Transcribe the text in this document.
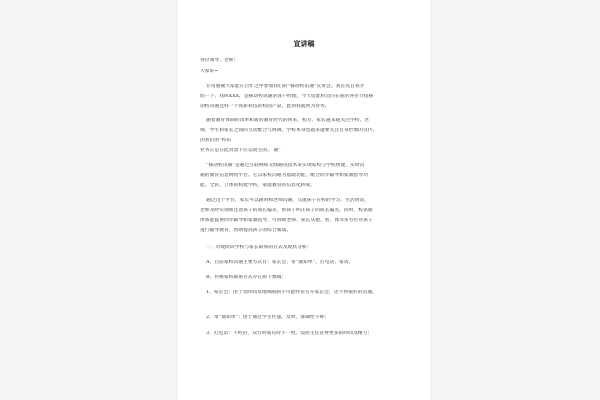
宣讲稿
各位领导、老师：
大家好~
非常感谢大家能在百忙之中参加我们的“移动校讯通”宣讲会。我首先自我介
绍一下，我叫XXX，是移动校讯通的客户经理，今天借此机会向在座的各位介绍移
动校讯通这样一个高新科技的校园产品，此刻我就到为业务。
随着教育体制的改革和新的教育时代的到来，校方、家长越来越关注学校，老
师、学生和家长之间的互动配合与协调，学校本身也越来越要关注自身形象的宣传。
因我们的“校讯
业务正是在此背景下应运而生的。 通”
“移动校讯通”是通过互联网和无线通讯技术来实现家校与学校快捷、实时沟
通的教育信息网络平台。它以家校沟通为基础功能，配合同步辅导和家教指导功
能，全民、立体的构建学校、家庭教育的信息化桥梁。
通过这个平台，家长可以跟时和老师沟通，交流孩子在校的学习、生活情况，
老师及时实现和注意孩子的成长偏差，帮孩子纠正孩子的成长偏差，同时，校讯通
体系能提供同步辅导和家教指导，可协助老师、家长从德、智、体等多方位对孩子
进行辅导教育，帮助提高孩子的综合素质。
一、对现阶段学校与家长联系的方式及现状分析：
A、目前家校沟通主要方式有：家长会、带“通知单”、打电话、家访。
B、传统家校联系方式存在如下弊端：
1、家长会：由于受时间及地域限制不可能经常召开家长会，达不到很好的沟通。
2、带“通知单”：由于通过学生传递，及时、准确性不够；
3、打电话：不经济，双方时间有时不一致，需班主任花费更多的时间及精力；
